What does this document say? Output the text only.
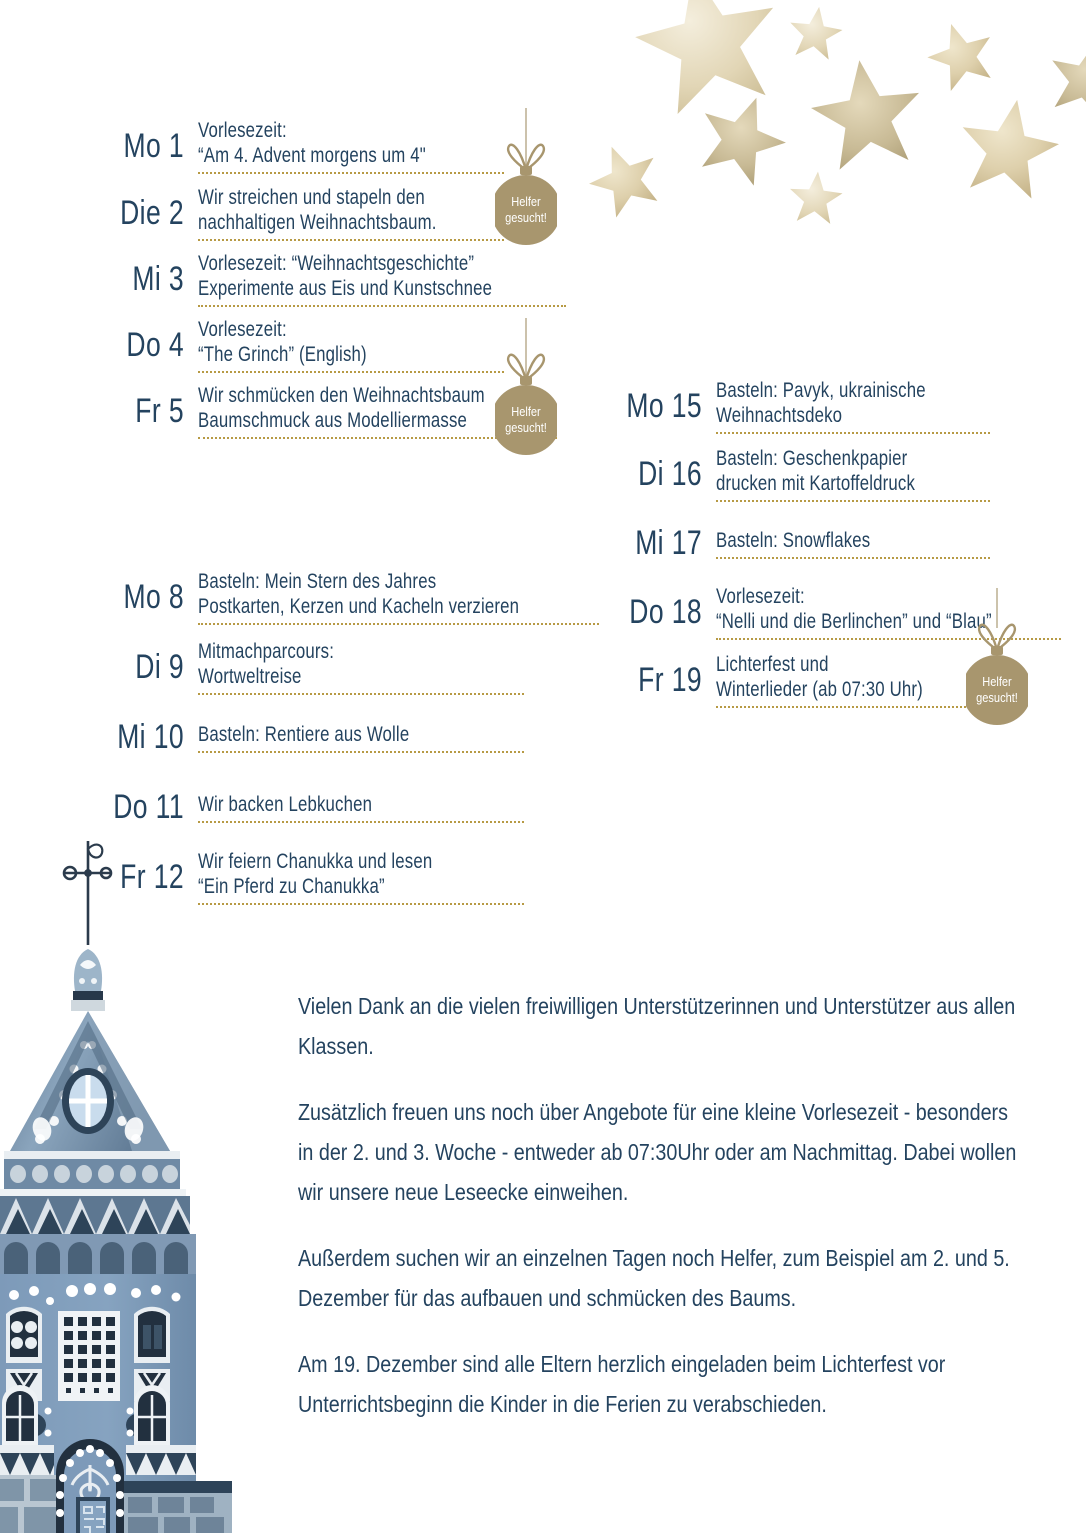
Mo 1 Vorlesezeit:
“Am 4. Advent morgens um 4"
Die 2 Wir streichen und stapeln den
nachhaltigen Weihnachtsbaum.
Mi 3 Vorlesezeit: “Weihnachtsgeschichte”
Experimente aus Eis und Kunstschnee
Do 4 Vorlesezeit:
“The Grinch” (English)
Fr 5 Wir schmücken den Weihnachtsbaum
Baumschmuck aus Modelliermasse
Mo 8 Basteln: Mein Stern des Jahres
Postkarten, Kerzen und Kacheln verzieren
Di 9 Mitmachparcours:
Wortweltreise
Mi 10 Basteln: Rentiere aus Wolle
Do 11 Wir backen Lebkuchen
Fr 12 Wir feiern Chanukka und lesen
“Ein Pferd zu Chanukka”
Mo 15 Basteln: Pavyk, ukrainische
Weihnachtsdeko
Di 16 Basteln: Geschenkpapier
drucken mit Kartoffeldruck
Mi 17 Basteln: Snowflakes
Do 18 Vorlesezeit:
“Nelli und die Berlinchen” und “Blau”
Fr 19 Lichterfest und
Winterlieder (ab 07:30 Uhr)
Helfer
gesucht!
Helfer
gesucht!
Helfer
gesucht!

Vielen Dank an die vielen freiwilligen Unterstützerinnen und Unterstützer aus allen Klassen.

Zusätzlich freuen uns noch über Angebote für eine kleine Vorlesezeit - besonders in der 2. und 3. Woche - entweder ab 07:30Uhr oder am Nachmittag. Dabei wollen wir unsere neue Leseecke einweihen.

Außerdem suchen wir an einzelnen Tagen noch Helfer, zum Beispiel am 2. und 5. Dezember für das aufbauen und schmücken des Baums.

Am 19. Dezember sind alle Eltern herzlich eingeladen beim Lichterfest vor Unterrichtsbeginn die Kinder in die Ferien zu verabschieden.
